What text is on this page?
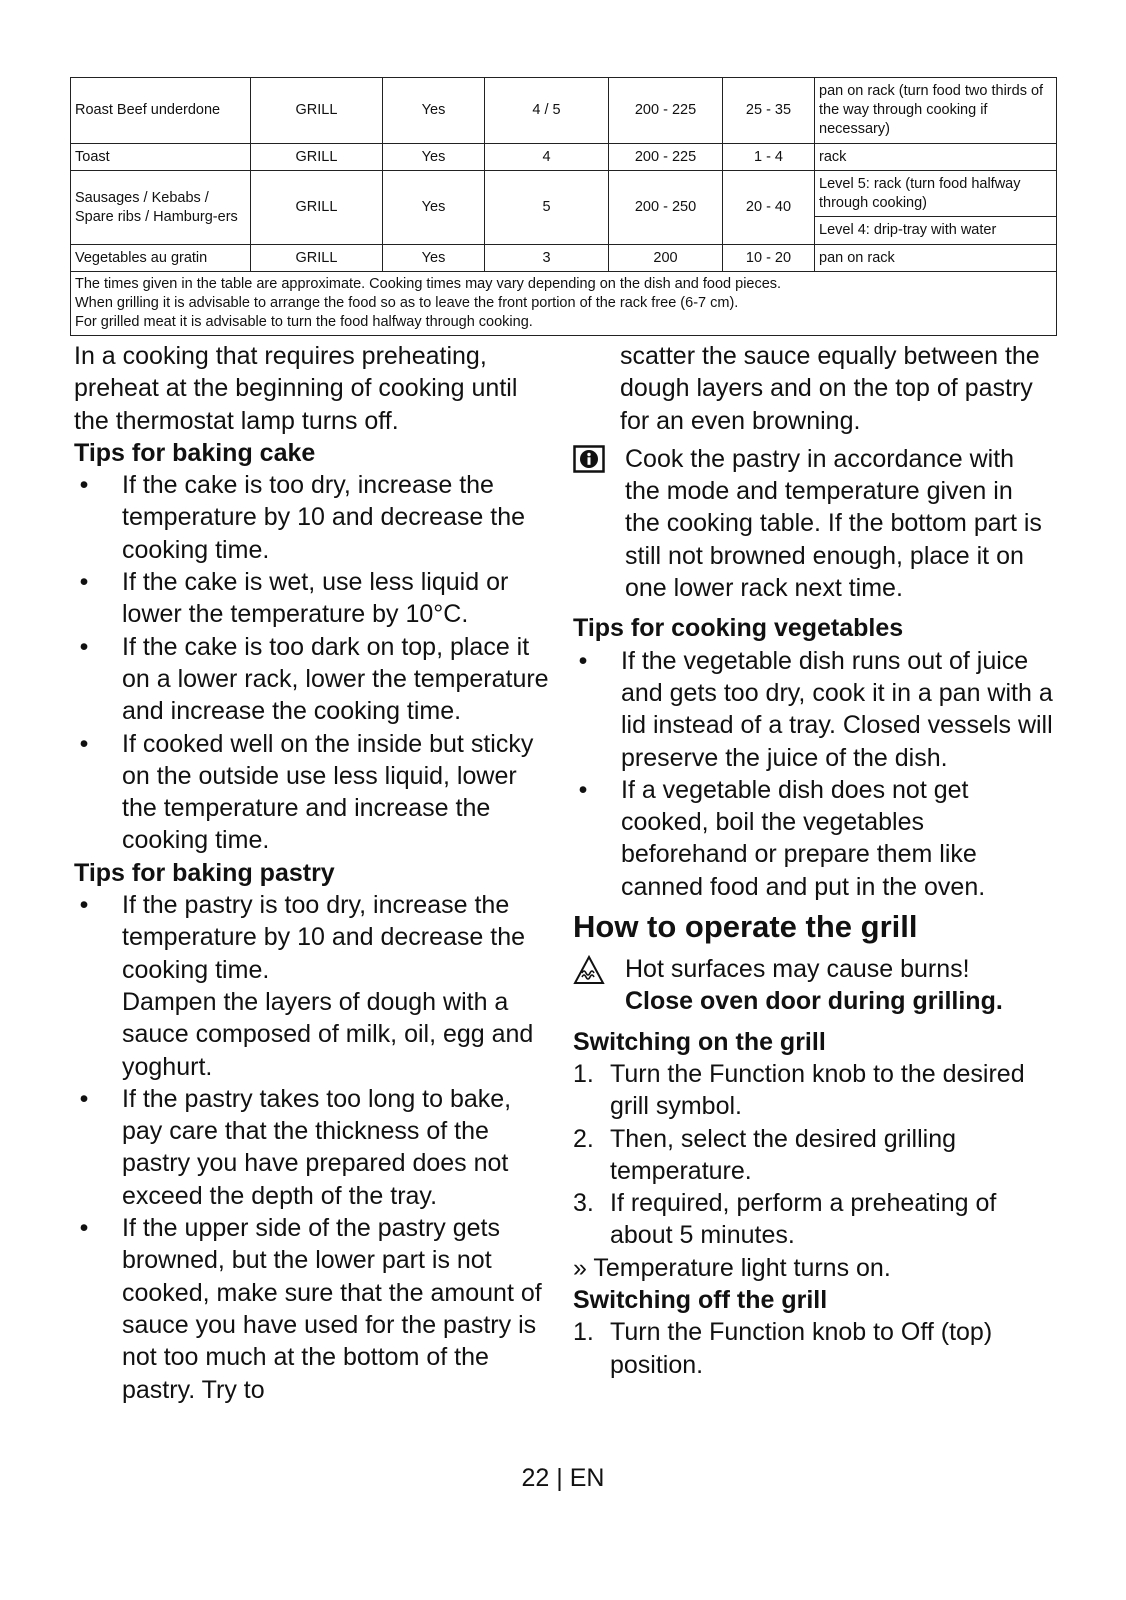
Roast Beef underdone	GRILL	Yes	4 / 5	200 - 225	25 - 35	pan on rack (turn food two thirds of the way through cooking if necessary)
Toast	GRILL	Yes	4	200 - 225	1 - 4	rack
Sausages / Kebabs / Spare ribs / Hamburg-ers	GRILL	Yes	5	200 - 250	20 - 40	Level 5: rack (turn food halfway through cooking)
						Level 4: drip-tray with water
Vegetables au gratin	GRILL	Yes	3	200	10 - 20	pan on rack

The times given in the table are approximate. Cooking times may vary depending on the dish and food pieces.
When grilling it is advisable to arrange the food so as to leave the front portion of the rack free (6-7 cm).
For grilled meat it is advisable to turn the food halfway through cooking.						

In a cooking that requires preheating, preheat at the beginning of cooking until the thermostat lamp turns off.

Tips for baking cake

• If the cake is too dry, increase the temperature by 10 and decrease the cooking time.

• If the cake is wet, use less liquid or lower the temperature by 10°C.

• If the cake is too dark on top, place it on a lower rack, lower the temperature and increase the cooking time.

• If cooked well on the inside but sticky on the outside use less liquid, lower the temperature and increase the cooking time.

Tips for baking pastry

• If the pastry is too dry, increase the temperature by 10 and decrease the cooking time.

Dampen the layers of dough with a sauce composed of milk, oil, egg and yoghurt.

• If the pastry takes too long to bake, pay care that the thickness of the pastry you have prepared does not exceed the depth of the tray.

• If the upper side of the pastry gets browned, but the lower part is not cooked, make sure that the amount of sauce you have used for the pastry is not too much at the bottom of the pastry. Try to

scatter the sauce equally between the dough layers and on the top of pastry for an even browning.

Cook the pastry in accordance with the mode and temperature given in the cooking table. If the bottom part is still not browned enough, place it on one lower rack next time.

Tips for cooking vegetables

• If the vegetable dish runs out of juice and gets too dry, cook it in a pan with a lid instead of a tray. Closed vessels will preserve the juice of the dish.

• If a vegetable dish does not get cooked, boil the vegetables beforehand or prepare them like canned food and put in the oven.

How to operate the grill

Hot surfaces may cause burns!
Close oven door during grilling.

Switching on the grill

1. Turn the Function knob to the desired grill symbol.

2. Then, select the desired grilling temperature.

3. If required, perform a preheating of about 5 minutes.

» Temperature light turns on.

Switching off the grill

1. Turn the Function knob to Off (top) position.

22 | EN
